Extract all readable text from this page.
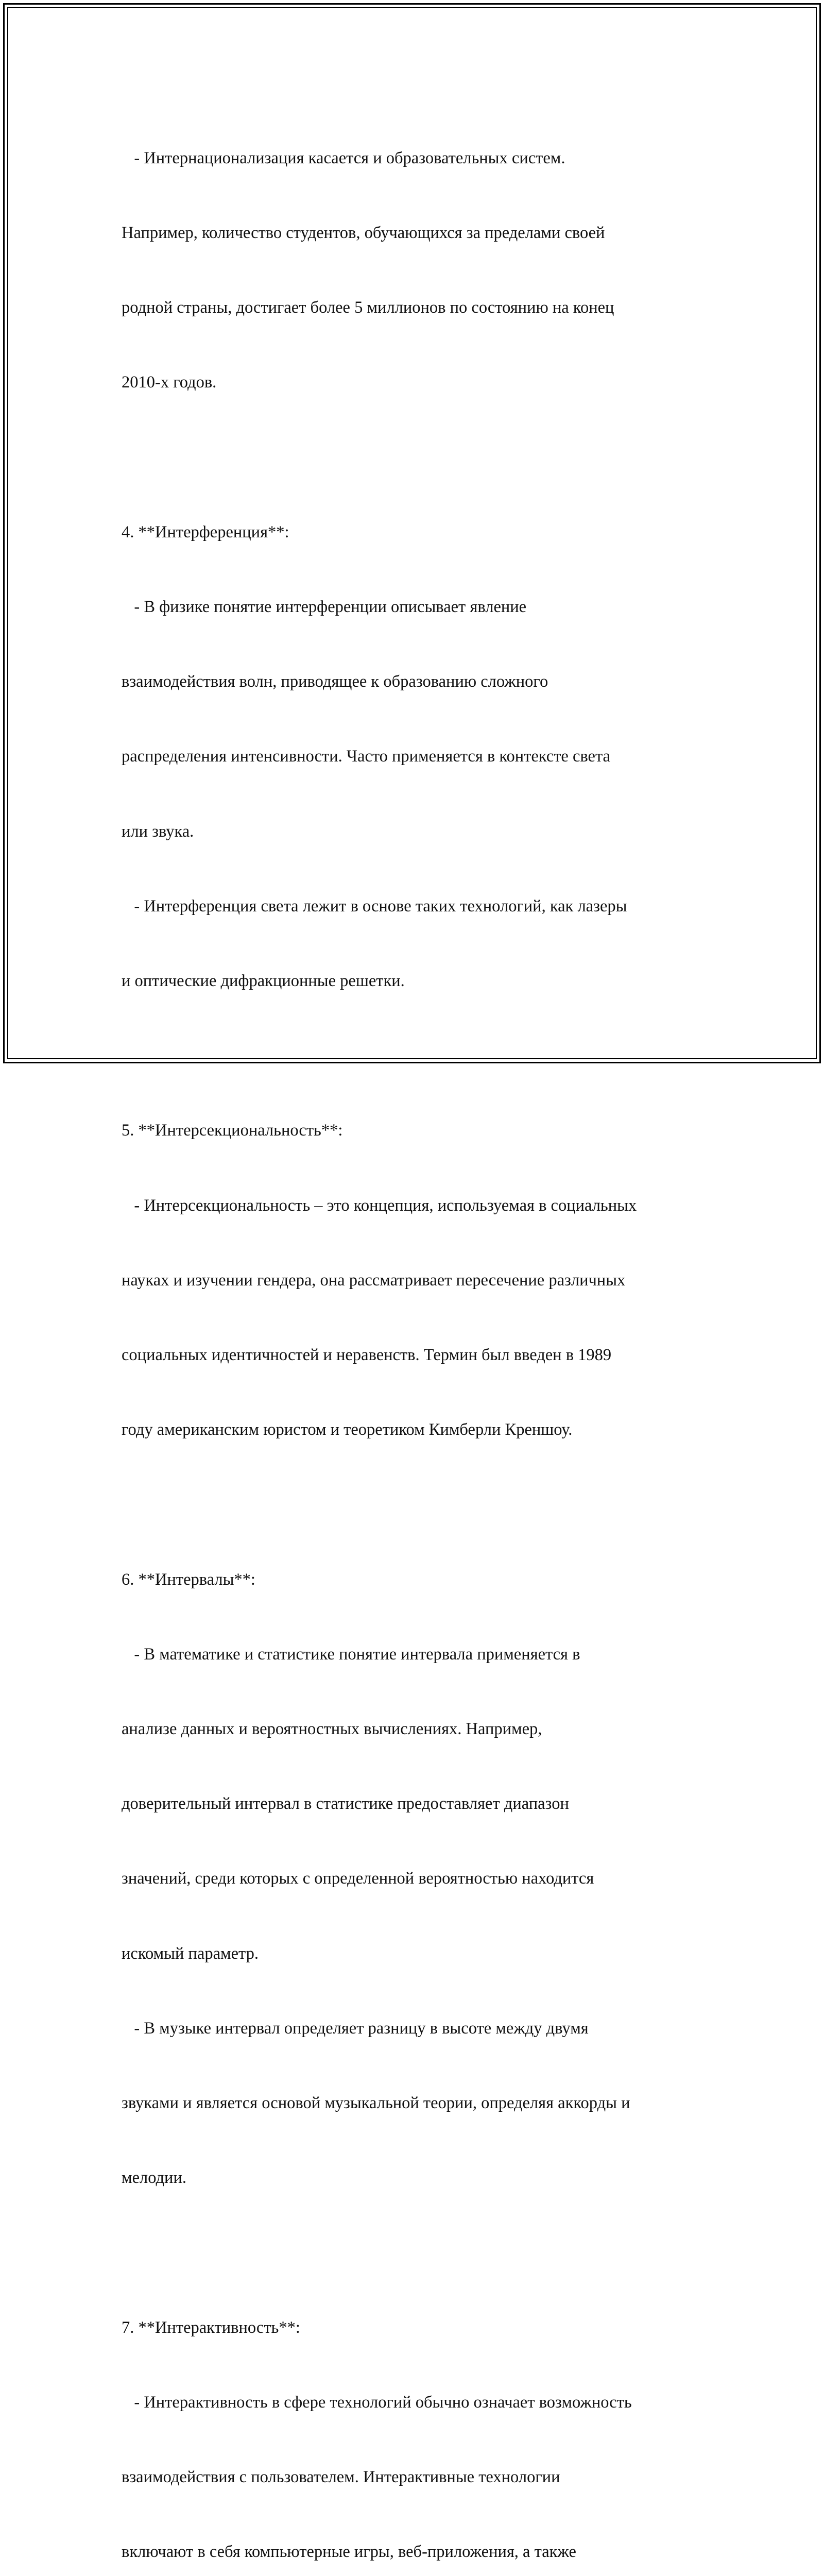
- Интернационализация касается и образовательных систем.

Например, количество студентов, обучающихся за пределами своей

родной страны, достигает более 5 миллионов по состоянию на конец

2010-х годов.

4. **Интерференция**:

- В физике понятие интерференции описывает явление

взаимодействия волн, приводящее к образованию сложного

распределения интенсивности. Часто применяется в контексте света

или звука.

- Интерференция света лежит в основе таких технологий, как лазеры

и оптические дифракционные решетки.

5. **Интерсекциональность**:

- Интерсекциональность – это концепция, используемая в социальных

науках и изучении гендера, она рассматривает пересечение различных

социальных идентичностей и неравенств. Термин был введен в 1989

году американским юристом и теоретиком Кимберли Креншоу.

6. **Интервалы**:

- В математике и статистике понятие интервала применяется в

анализе данных и вероятностных вычислениях. Например,

доверительный интервал в статистике предоставляет диапазон

значений, среди которых с определенной вероятностью находится

искомый параметр.

- В музыке интервал определяет разницу в высоте между двумя

звуками и является основой музыкальной теории, определяя аккорды и

мелодии.

7. **Интерактивность**:

- Интерактивность в сфере технологий обычно означает возможность

взаимодействия с пользователем. Интерактивные технологии

включают в себя компьютерные игры, веб-приложения, а также
